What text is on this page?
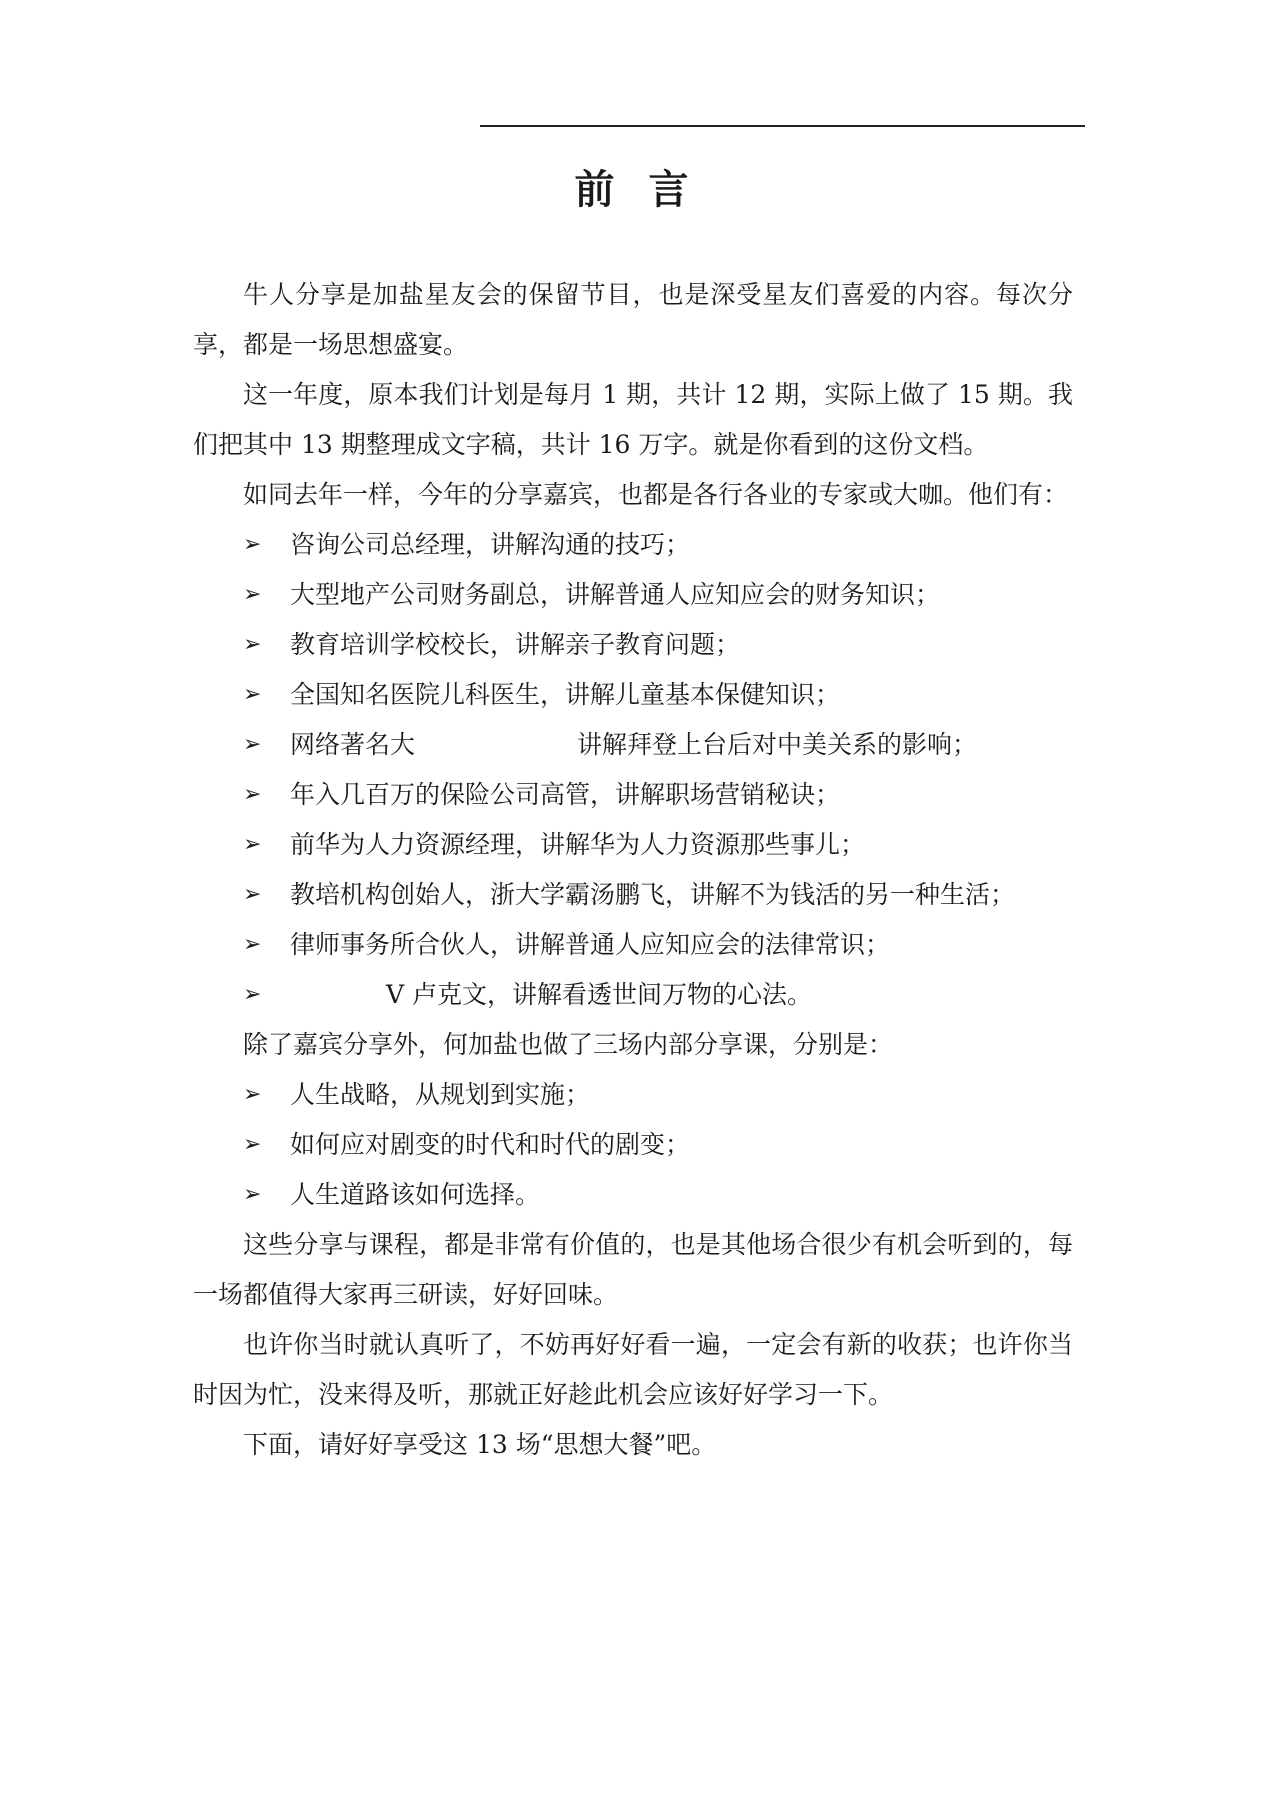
前 言

牛人分享是加盐星友会的保留节目，也是深受星友们喜爱的内容。每次分享，都是一场思想盛宴。

这一年度，原本我们计划是每月 1 期，共计 12 期，实际上做了 15 期。我们把其中 13 期整理成文字稿，共计 16 万字。就是你看到的这份文档。

如同去年一样，今年的分享嘉宾，也都是各行各业的专家或大咖。他们有：

➢	咨询公司总经理，讲解沟通的技巧；
➢	大型地产公司财务副总，讲解普通人应知应会的财务知识；
➢	教育培训学校校长，讲解亲子教育问题；
➢	全国知名医院儿科医生，讲解儿童基本保健知识；
➢	网络著名大	讲解拜登上台后对中美关系的影响；
➢	年入几百万的保险公司高管，讲解职场营销秘诀；
➢	前华为人力资源经理，讲解华为人力资源那些事儿；
➢	教培机构创始人，浙大学霸汤鹏飞，讲解不为钱活的另一种生活；
➢	律师事务所合伙人，讲解普通人应知应会的法律常识；
➢	V 卢克文，讲解看透世间万物的心法。

除了嘉宾分享外，何加盐也做了三场内部分享课，分别是：

➢	人生战略，从规划到实施；
➢	如何应对剧变的时代和时代的剧变；
➢	人生道路该如何选择。

这些分享与课程，都是非常有价值的，也是其他场合很少有机会听到的，每一场都值得大家再三研读，好好回味。

也许你当时就认真听了，不妨再好好看一遍，一定会有新的收获；也许你当时因为忙，没来得及听，那就正好趁此机会应该好好学习一下。

下面，请好好享受这 13 场“思想大餐”吧。
